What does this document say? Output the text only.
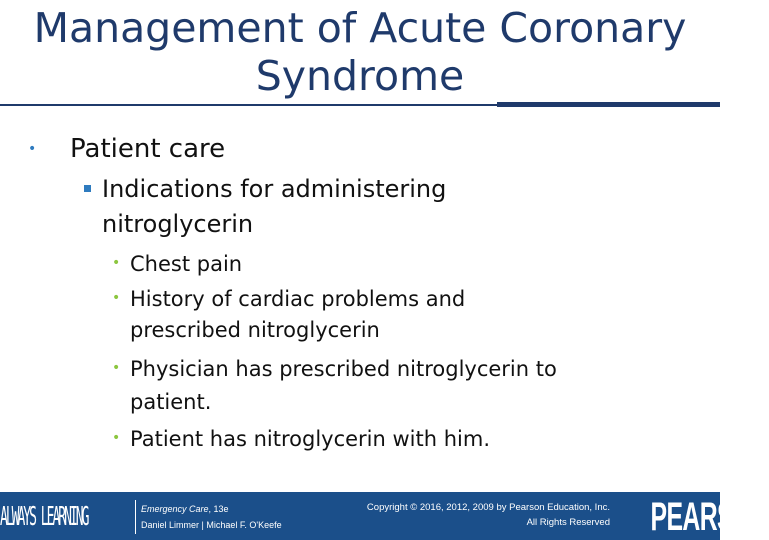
Management of Acute Coronary
Syndrome
• Patient care
Indications for administering
nitroglycerin
• Chest pain
• History of cardiac problems and
prescribed nitroglycerin
• Physician has prescribed nitroglycerin to
patient.
• Patient has nitroglycerin with him.
ALWAYS LEARNING	Emergency Care, 13e
Daniel Limmer | Michael F. O'Keefe
Copyright © 2016, 2012, 2009 by Pearson Education, Inc.
All Rights Reserved PEARSON
